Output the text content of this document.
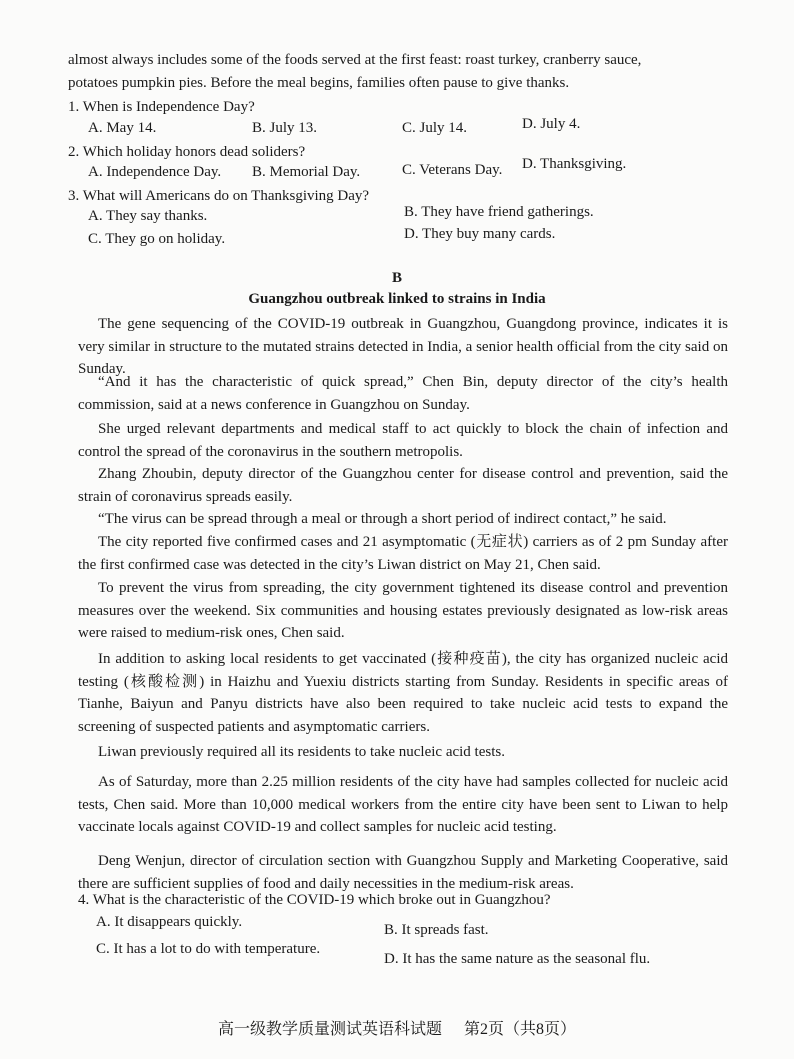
almost always includes some of the foods served at the first feast: roast turkey, cranberry sauce,
potatoes pumpkin pies. Before the meal begins, families often pause to give thanks.
1. When is Independence Day?
A. May 14.	B. July 13.	C. July 14.	D. July 4.
2. Which holiday honors dead soliders?
A. Independence Day. B. Memorial Day.	C. Veterans Day. D. Thanksgiving.
3. What will Americans do on Thanksgiving Day?
A. They say thanks.	B. They have friend gatherings.
C. They go on holiday.	D. They buy many cards.
B
Guangzhou outbreak linked to strains in India
The gene sequencing of the COVID-19 outbreak in Guangzhou, Guangdong province, indicates it is very similar in structure to the mutated strains detected in India, a senior health official from the city said on Sunday.
“And it has the characteristic of quick spread,” Chen Bin, deputy director of the city’s health commission, said at a news conference in Guangzhou on Sunday.
She urged relevant departments and medical staff to act quickly to block the chain of infection and control the spread of the coronavirus in the southern metropolis.
Zhang Zhoubin, deputy director of the Guangzhou center for disease control and prevention, said the strain of coronavirus spreads easily.
“The virus can be spread through a meal or through a short period of indirect contact,” he said.
The city reported five confirmed cases and 21 asymptomatic (无症状) carriers as of 2 pm Sunday after the first confirmed case was detected in the city’s Liwan district on May 21, Chen said.
To prevent the virus from spreading, the city government tightened its disease control and prevention measures over the weekend. Six communities and housing estates previously designated as low-risk areas were raised to medium-risk ones, Chen said.
In addition to asking local residents to get vaccinated (接种疫苗), the city has organized nucleic acid testing (核酸检测) in Haizhu and Yuexiu districts starting from Sunday. Residents in specific areas of Tianhe, Baiyun and Panyu districts have also been required to take nucleic acid tests to expand the screening of suspected patients and asymptomatic carriers.
Liwan previously required all its residents to take nucleic acid tests.
As of Saturday, more than 2.25 million residents of the city have had samples collected for nucleic acid tests, Chen said. More than 10,000 medical workers from the entire city have been sent to Liwan to help vaccinate locals against COVID-19 and collect samples for nucleic acid testing.
Deng Wenjun, director of circulation section with Guangzhou Supply and Marketing Cooperative, said there are sufficient supplies of food and daily necessities in the medium-risk areas.
4. What is the characteristic of the COVID-19 which broke out in Guangzhou?
A. It disappears quickly.	B. It spreads fast.
C. It has a lot to do with temperature.
D. It has the same nature as the seasonal flu.
高一级教学质量测试英语科试题 第2页（共8页）
